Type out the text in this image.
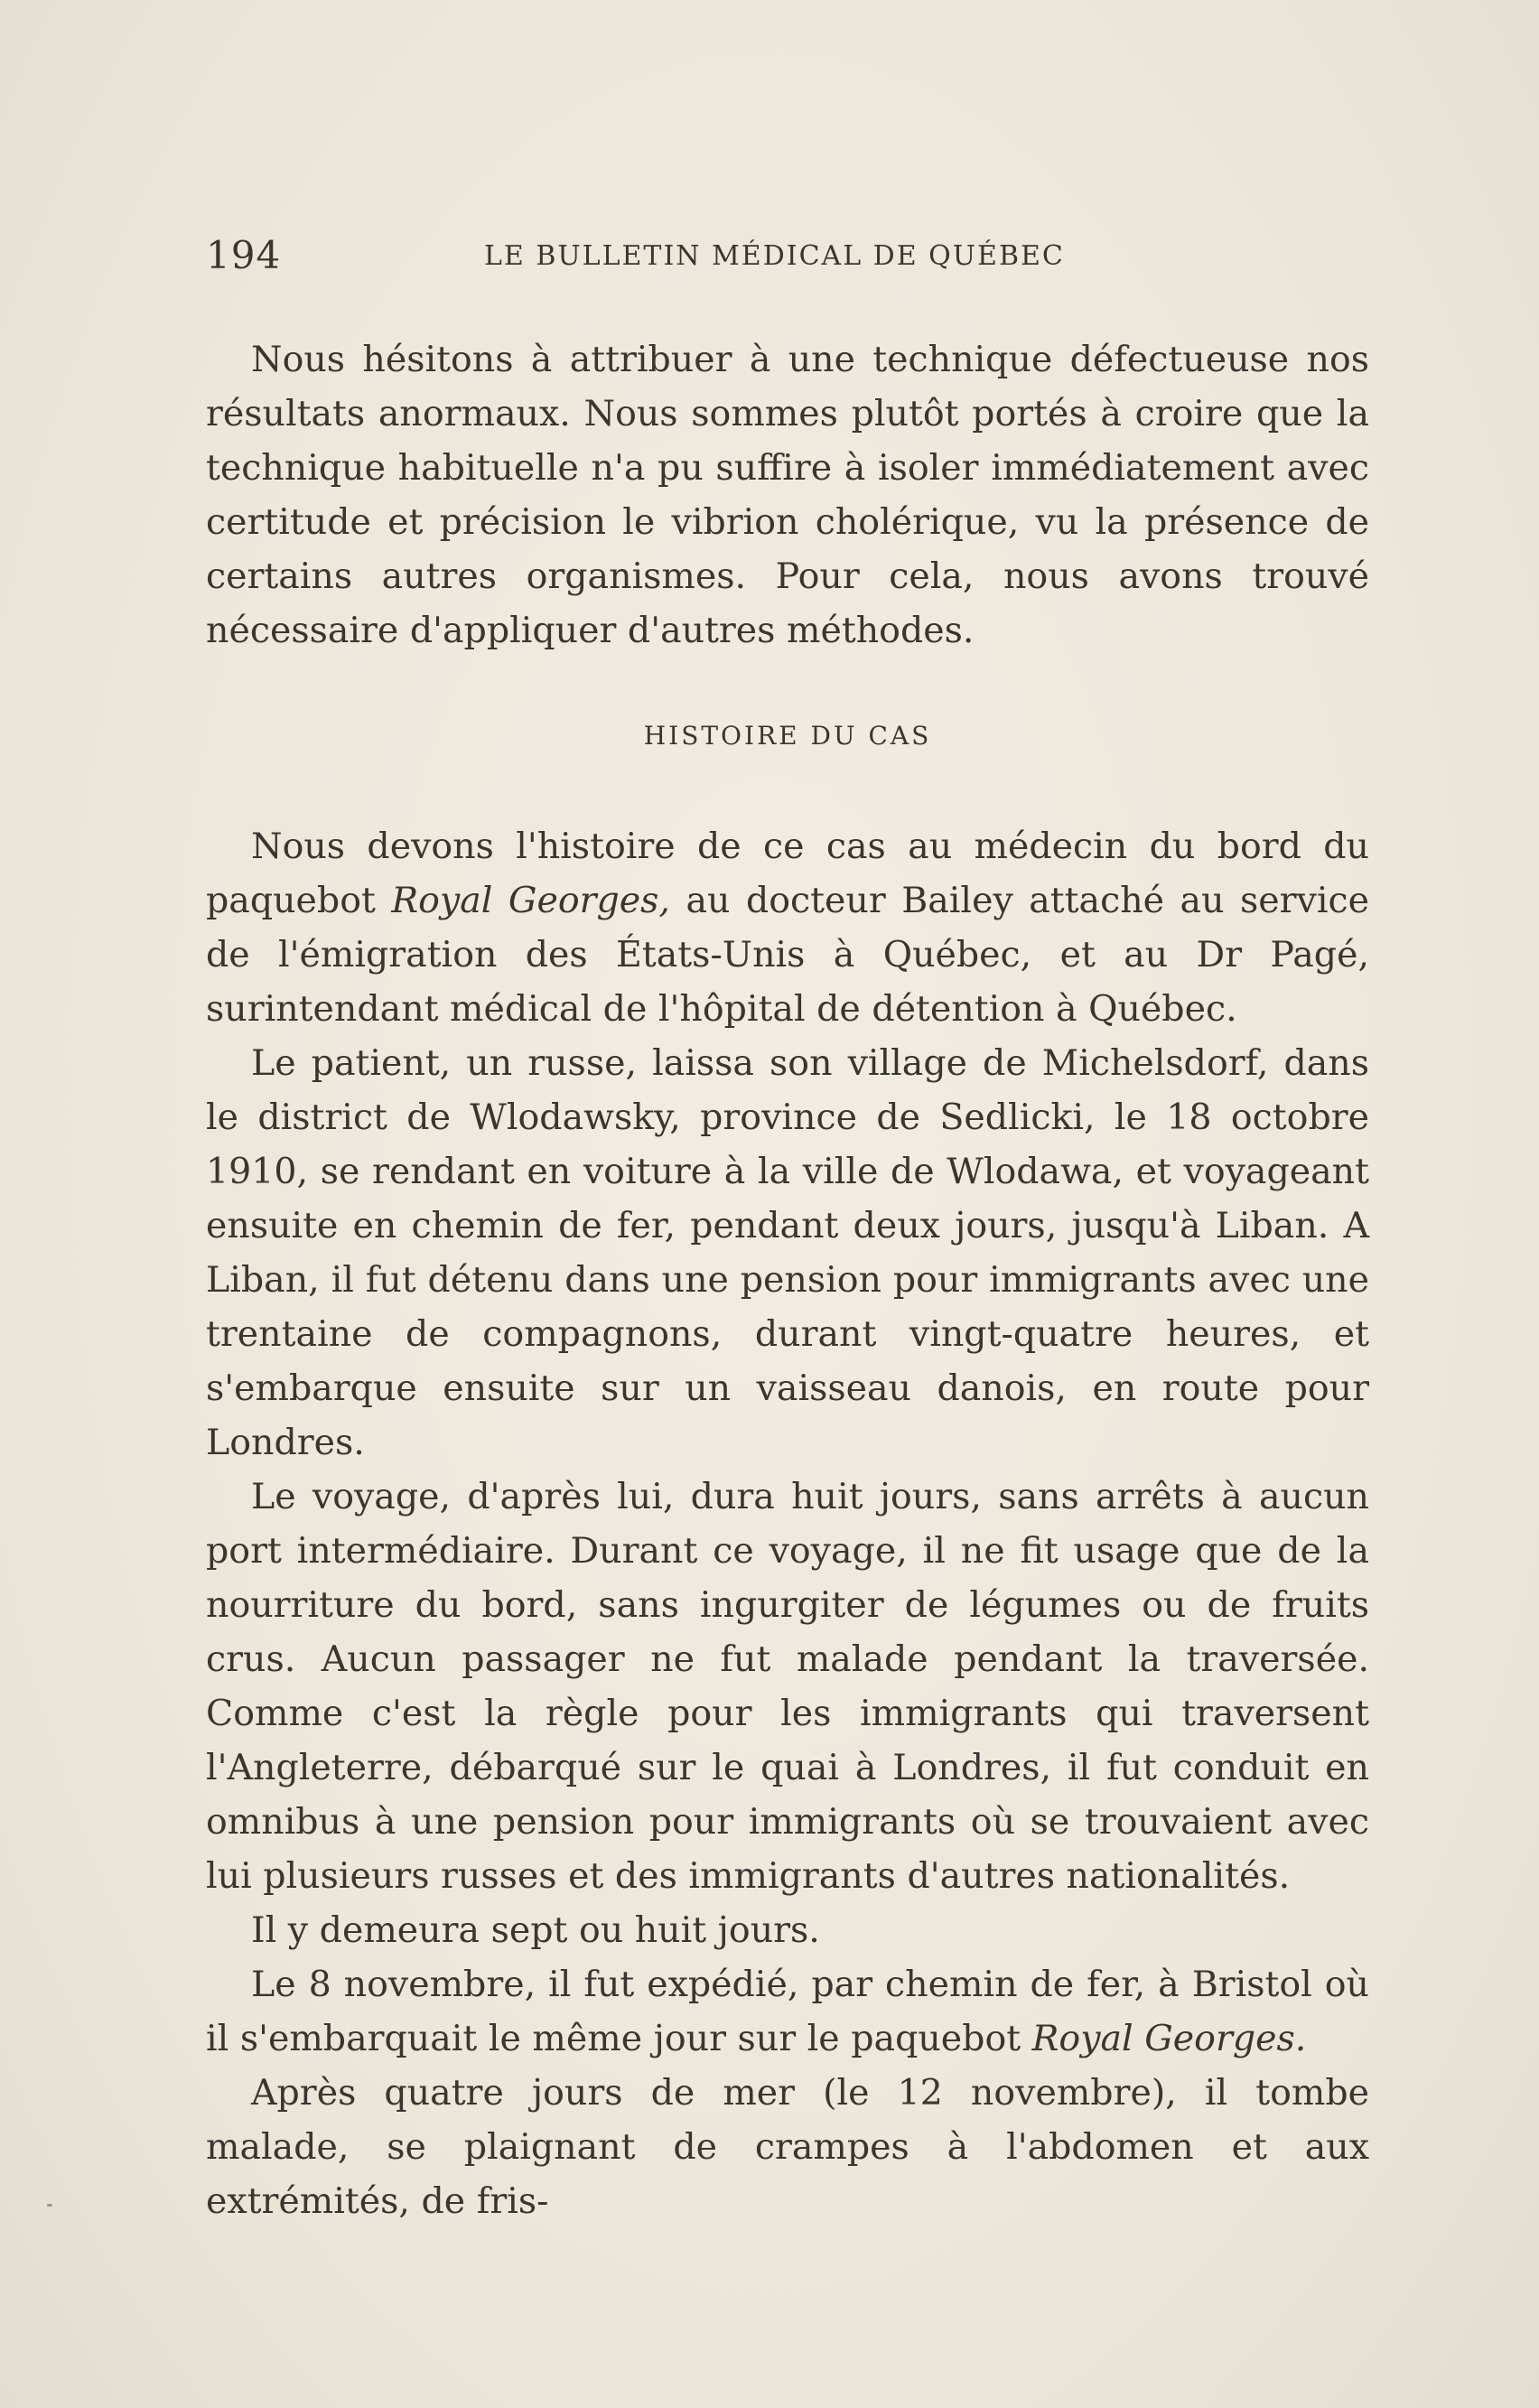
194	LE BULLETIN MÉDICAL DE QUÉBEC

Nous hésitons à attribuer à une technique défectueuse nos résultats anormaux. Nous sommes plutôt portés à croire que la technique habituelle n'a pu suffire à isoler immédiatement avec certitude et précision le vibrion cholérique, vu la présence de certains autres organismes. Pour cela, nous avons trouvé nécessaire d'appliquer d'autres méthodes.

HISTOIRE DU CAS

Nous devons l'histoire de ce cas au médecin du bord du paquebot Royal Georges, au docteur Bailey attaché au service de l'émigration des États-Unis à Québec, et au Dr Pagé, surintendant médical de l'hôpital de détention à Québec.

Le patient, un russe, laissa son village de Michelsdorf, dans le district de Wlodawsky, province de Sedlicki, le 18 octobre 1910, se rendant en voiture à la ville de Wlodawa, et voyageant ensuite en chemin de fer, pendant deux jours, jusqu'à Liban. A Liban, il fut détenu dans une pension pour immigrants avec une trentaine de compagnons, durant vingt-quatre heures, et s'embarque ensuite sur un vaisseau danois, en route pour Londres.

Le voyage, d'après lui, dura huit jours, sans arrêts à aucun port intermédiaire. Durant ce voyage, il ne fit usage que de la nourriture du bord, sans ingurgiter de légumes ou de fruits crus. Aucun passager ne fut malade pendant la traversée. Comme c'est la règle pour les immigrants qui traversent l'Angleterre, débarqué sur le quai à Londres, il fut conduit en omnibus à une pension pour immigrants où se trouvaient avec lui plusieurs russes et des immigrants d'autres nationalités.

Il y demeura sept ou huit jours.

Le 8 novembre, il fut expédié, par chemin de fer, à Bristol où il s'embarquait le même jour sur le paquebot Royal Georges.

Après quatre jours de mer (le 12 novembre), il tombe malade, se plaignant de crampes à l'abdomen et aux extrémités, de fris-
